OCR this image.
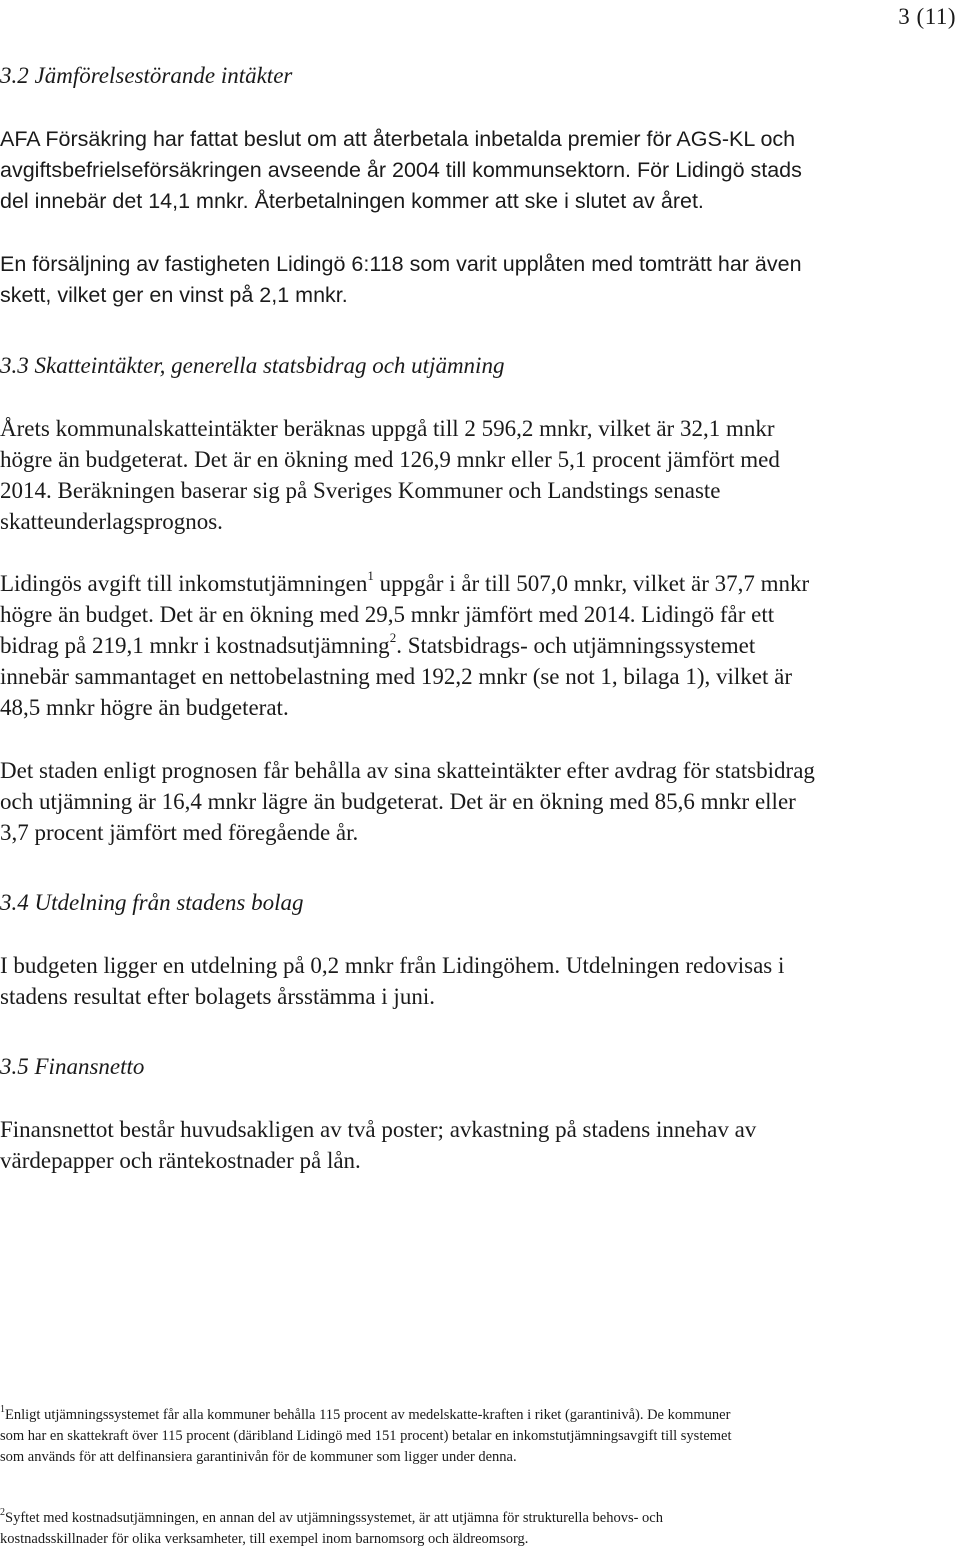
3 (11)
3.2 Jämförelsestörande intäkter
AFA Försäkring har fattat beslut om att återbetala inbetalda premier för AGS-KL och
avgiftsbefrielseförsäkringen avseende år 2004 till kommunsektorn. För Lidingö stads
del innebär det 14,1 mnkr. Återbetalningen kommer att ske i slutet av året.
En försäljning av fastigheten Lidingö 6:118 som varit upplåten med tomträtt har även
skett, vilket ger en vinst på 2,1 mnkr.
3.3 Skatteintäkter, generella statsbidrag och utjämning
Årets kommunalskatteintäkter beräknas uppgå till 2 596,2 mnkr, vilket är 32,1 mnkr
högre än budgeterat. Det är en ökning med 126,9 mnkr eller 5,1 procent jämfört med
2014. Beräkningen baserar sig på Sveriges Kommuner och Landstings senaste
skatteunderlagsprognos.
Lidingös avgift till inkomstutjämningen$^1$ uppgår i år till 507,0 mnkr, vilket är 37,7 mnkr
högre än budget. Det är en ökning med 29,5 mnkr jämfört med 2014. Lidingö får ett
bidrag på 219,1 mnkr i kostnadsutjämning$^2$. Statsbidrags- och utjämningssystemet
innebär sammantaget en nettobelastning med 192,2 mnkr (se not 1, bilaga 1), vilket är
48,5 mnkr högre än budgeterat.
Det staden enligt prognosen får behålla av sina skatteintäkter efter avdrag för statsbidrag
och utjämning är 16,4 mnkr lägre än budgeterat. Det är en ökning med 85,6 mnkr eller
3,7 procent jämfört med föregående år.
3.4 Utdelning från stadens bolag
I budgeten ligger en utdelning på 0,2 mnkr från Lidingöhem. Utdelningen redovisas i
stadens resultat efter bolagets årsstämma i juni.
3.5 Finansnetto
Finansnettot består huvudsakligen av två poster; avkastning på stadens innehav av
värdepapper och räntekostnader på lån.
$^1$Enligt utjämningssystemet får alla kommuner behålla 115 procent av medelskatte-kraften i riket (garantinivå). De kommuner
som har en skattekraft över 115 procent (däribland Lidingö med 151 procent) betalar en inkomstutjämningsavgift till systemet
som används för att delfinansiera garantinivån för de kommuner som ligger under denna.
$^2$Syftet med kostnadsutjämningen, en annan del av utjämningssystemet, är att utjämna för strukturella behovs- och
kostnadsskillnader för olika verksamheter, till exempel inom barnomsorg och äldreomsorg.
